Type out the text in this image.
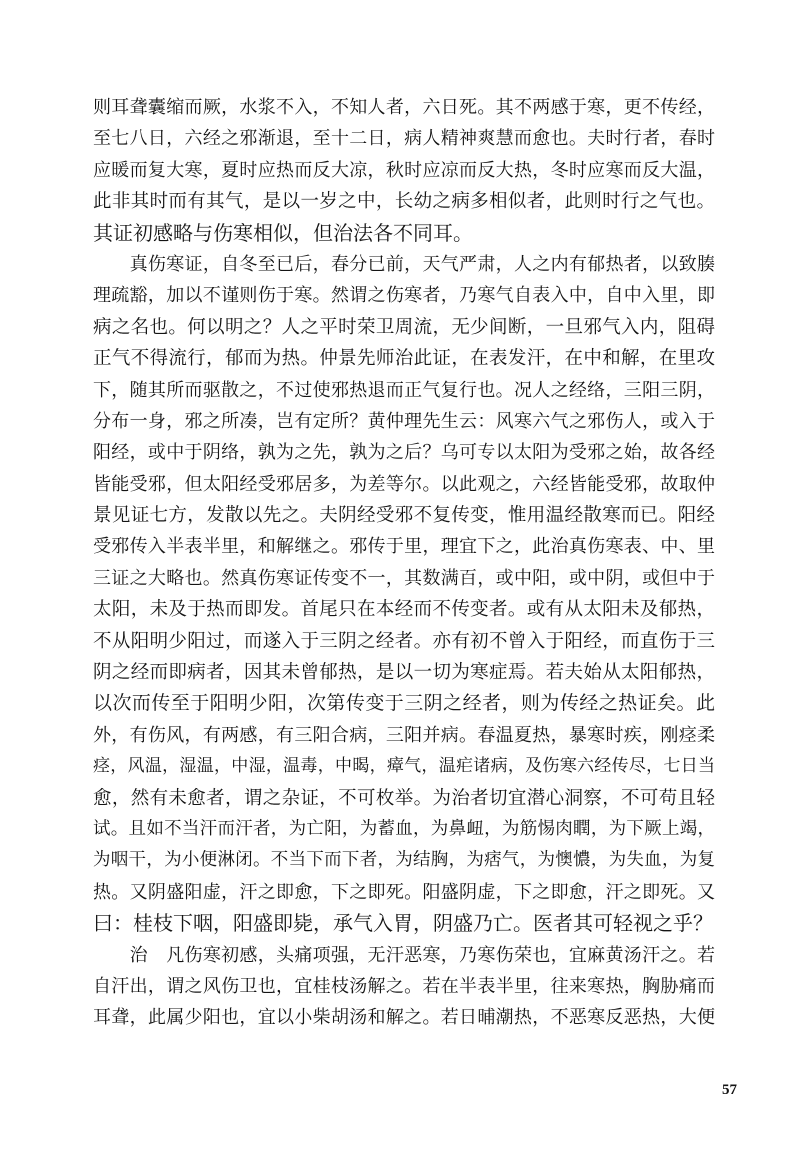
则耳聋囊缩而厥，水浆不入，不知人者，六日死。其不两感于寒，更不传经，
至七八日，六经之邪渐退，至十二日，病人精神爽慧而愈也。夫时行者，春时
应暖而复大寒，夏时应热而反大凉，秋时应凉而反大热，冬时应寒而反大温，
此非其时而有其气，是以一岁之中，长幼之病多相似者，此则时行之气也。
其证初感略与伤寒相似，但治法各不同耳。
　　真伤寒证，自冬至已后，春分已前，天气严肃，人之内有郁热者，以致腠
理疏豁，加以不谨则伤于寒。然谓之伤寒者，乃寒气自表入中，自中入里，即
病之名也。何以明之？人之平时荣卫周流，无少间断，一旦邪气入内，阻碍
正气不得流行，郁而为热。仲景先师治此证，在表发汗，在中和解，在里攻
下，随其所而驱散之，不过使邪热退而正气复行也。况人之经络，三阳三阴，
分布一身，邪之所凑，岂有定所？黄仲理先生云：风寒六气之邪伤人，或入于
阳经，或中于阴络，孰为之先，孰为之后？乌可专以太阳为受邪之始，故各经
皆能受邪，但太阳经受邪居多，为差等尔。以此观之，六经皆能受邪，故取仲
景见证七方，发散以先之。夫阴经受邪不复传变，惟用温经散寒而已。阳经
受邪传入半表半里，和解继之。邪传于里，理宜下之，此治真伤寒表、中、里
三证之大略也。然真伤寒证传变不一，其数满百，或中阳，或中阴，或但中于
太阳，未及于热而即发。首尾只在本经而不传变者。或有从太阳未及郁热，
不从阳明少阳过，而遂入于三阴之经者。亦有初不曾入于阳经，而直伤于三
阴之经而即病者，因其未曾郁热，是以一切为寒症焉。若夫始从太阳郁热，
以次而传至于阳明少阳，次第传变于三阴之经者，则为传经之热证矣。此
外，有伤风，有两感，有三阳合病，三阳并病。春温夏热，暴寒时疾，刚痉柔
痉，风温，湿温，中湿，温毒，中暍，瘴气，温疟诸病，及伤寒六经传尽，七日当
愈，然有未愈者，谓之杂证，不可枚举。为治者切宜潜心洞察，不可苟且轻
试。且如不当汗而汗者，为亡阳，为蓄血，为鼻衄，为筋惕肉瞤，为下厥上竭，
为咽干，为小便淋闭。不当下而下者，为结胸，为痞气，为懊憹，为失血，为复
热。又阴盛阳虚，汗之即愈，下之即死。阳盛阴虚，下之即愈，汗之即死。又
曰：桂枝下咽，阳盛即毙，承气入胃，阴盛乃亡。医者其可轻视之乎？
　　治　凡伤寒初感，头痛项强，无汗恶寒，乃寒伤荣也，宜麻黄汤汗之。若
自汗出，谓之风伤卫也，宜桂枝汤解之。若在半表半里，往来寒热，胸胁痛而
耳聋，此属少阳也，宜以小柴胡汤和解之。若日晡潮热，不恶寒反恶热，大便
57
